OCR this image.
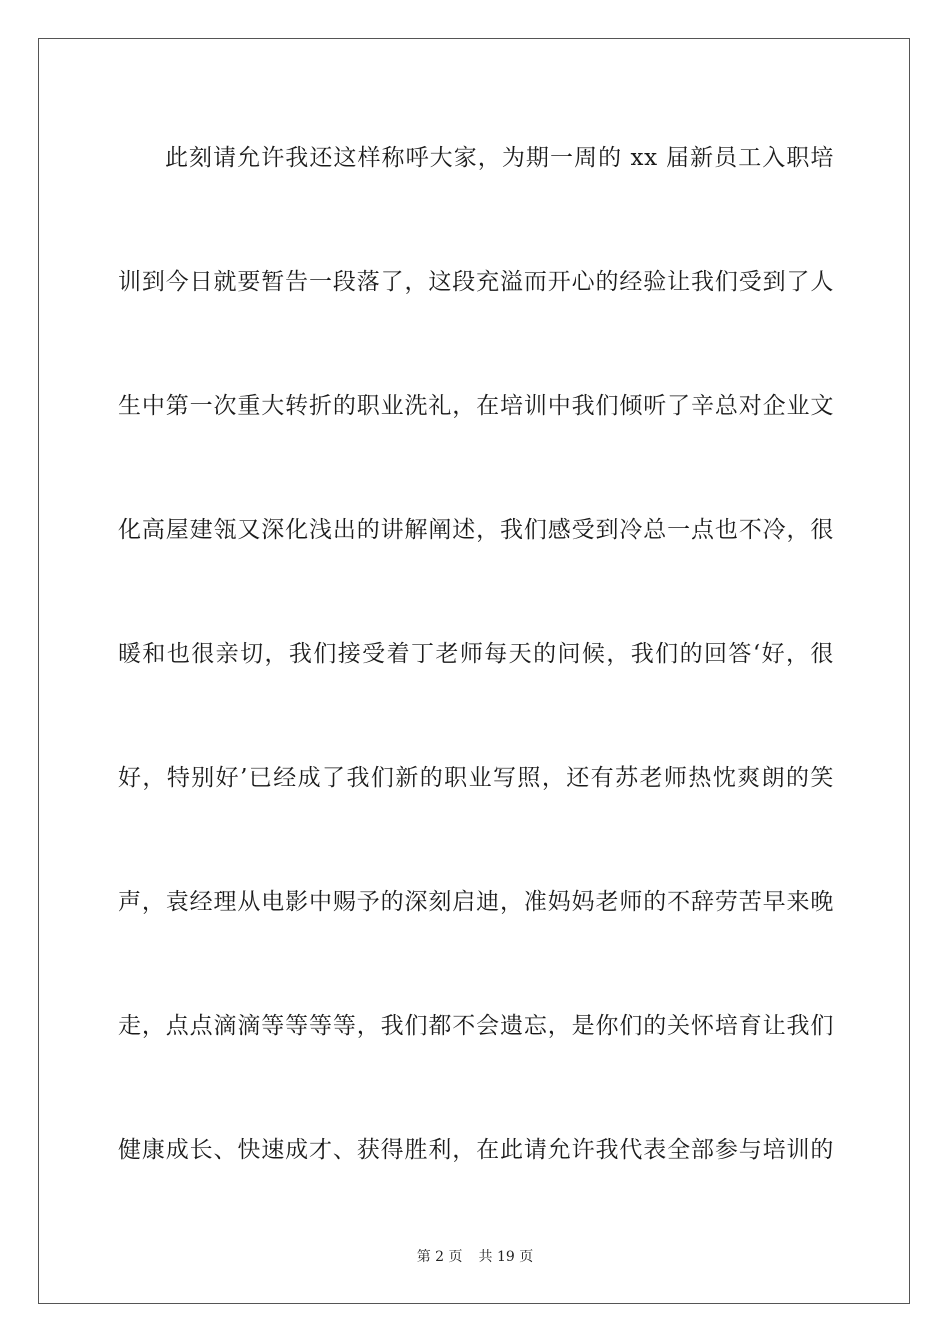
此刻请允许我还这样称呼大家，为期一周的 xx 届新员工入职培
训到今日就要暂告一段落了，这段充溢而开心的经验让我们受到了人
生中第一次重大转折的职业洗礼，在培训中我们倾听了辛总对企业文
化高屋建瓴又深化浅出的讲解阐述，我们感受到冷总一点也不冷，很
暖和也很亲切，我们接受着丁老师每天的问候，我们的回答‘好，很
好，特别好’已经成了我们新的职业写照，还有苏老师热忱爽朗的笑
声，袁经理从电影中赐予的深刻启迪，准妈妈老师的不辞劳苦早来晚
走，点点滴滴等等等等，我们都不会遗忘，是你们的关怀培育让我们
健康成长、快速成才、获得胜利，在此请允许我代表全部参与培训的
第 2 页 共 19 页
